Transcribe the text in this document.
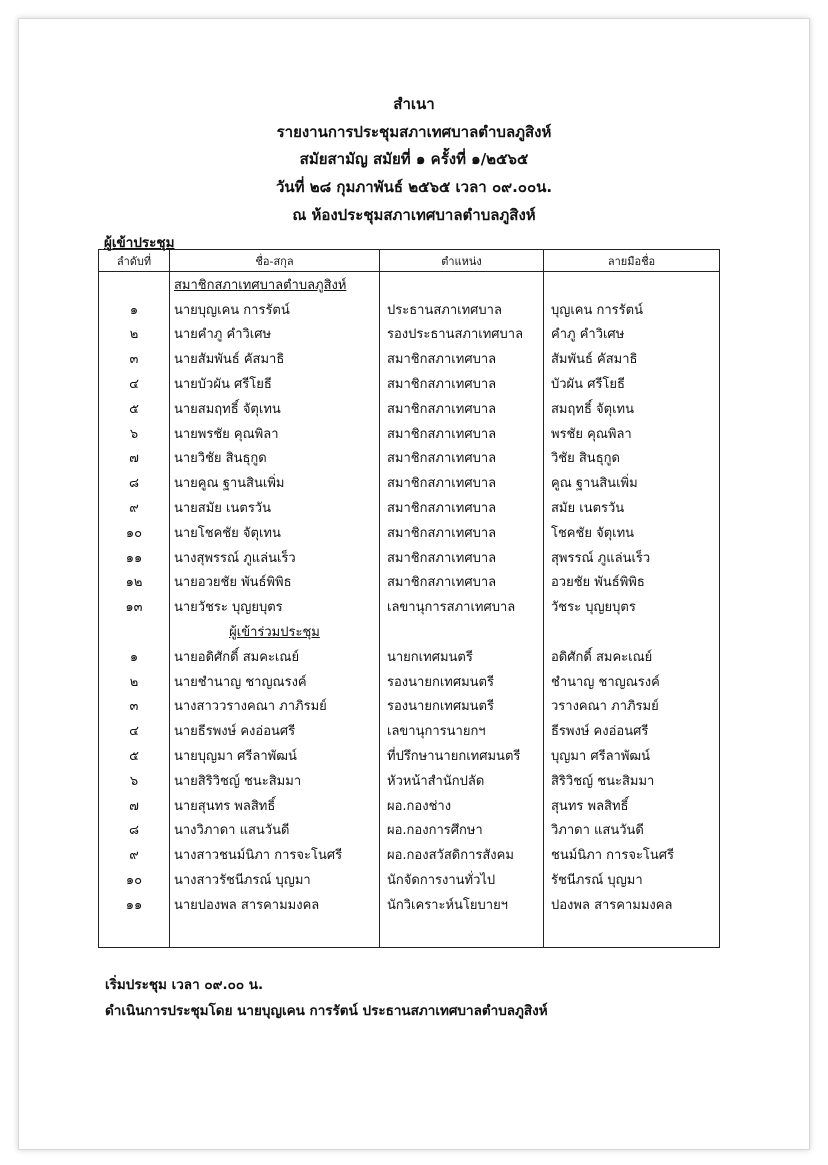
สำเนา
รายงานการประชุมสภาเทศบาลตำบลภูสิงห์
สมัยสามัญ สมัยที่ ๑ ครั้งที่ ๑/๒๕๖๕
วันที่ ๒๘ กุมภาพันธ์ ๒๕๖๕ เวลา ๐๙.๐๐น.
ณ ห้องประชุมสภาเทศบาลตำบลภูสิงห์
ผู้เข้าประชุม
ลำดับที่	ชื่อ-สกุล	ตำแหน่ง	ลายมือชื่อ
	สมาชิกสภาเทศบาลตำบลภูสิงห์		
๑	นายบุญเคน การรัตน์	ประธานสภาเทศบาล	บุญเคน การรัตน์
๒	นายคำภู คำวิเศษ	รองประธานสภาเทศบาล	คำภู คำวิเศษ
๓	นายสัมพันธ์ คัสมาธิ	สมาชิกสภาเทศบาล	สัมพันธ์ คัสมาธิ
๔	นายบัวผัน ศรีโยธี	สมาชิกสภาเทศบาล	บัวผัน ศรีโยธี
๕	นายสมฤทธิ์ จัตุเทน	สมาชิกสภาเทศบาล	สมฤทธิ์ จัตุเทน
๖	นายพรชัย คุณพิลา	สมาชิกสภาเทศบาล	พรชัย คุณพิลา
๗	นายวิชัย สินธุกูด	สมาชิกสภาเทศบาล	วิชัย สินธุกูด
๘	นายคูณ ฐานสินเพิ่ม	สมาชิกสภาเทศบาล	คูณ ฐานสินเพิ่ม
๙	นายสมัย เนตรวัน	สมาชิกสภาเทศบาล	สมัย เนตรวัน
๑๐	นายโชคชัย จัตุเทน	สมาชิกสภาเทศบาล	โชคชัย จัตุเทน
๑๑	นางสุพรรณ์ ภูแล่นเร็ว	สมาชิกสภาเทศบาล	สุพรรณ์ ภูแล่นเร็ว
๑๒	นายอวยชัย พันธ์พิพิธ	สมาชิกสภาเทศบาล	อวยชัย พันธ์พิพิธ
๑๓	นายวัชระ บุญยบุตร	เลขานุการสภาเทศบาล	วัชระ บุญยบุตร

	ผู้เข้าร่วมประชุม		

๑	นายอดิศักดิ์ สมคะเณย์	นายกเทศมนตรี	อดิศักดิ์ สมคะเณย์
๒	นายชำนาญ ชาญณรงค์	รองนายกเทศมนตรี	ชำนาญ ชาญณรงค์
๓	นางสาววรางคณา ภาภิรมย์	รองนายกเทศมนตรี	วรางคณา ภาภิรมย์
๔	นายธีรพงษ์ คงอ่อนศรี	เลขานุการนายกฯ	ธีรพงษ์ คงอ่อนศรี
๕	นายบุญมา ศรีลาพัฒน์	ที่ปรึกษานายกเทศมนตรี	บุญมา ศรีลาพัฒน์
๖	นายสิริวิชญ์ ชนะสิมมา	หัวหน้าสำนักปลัด	สิริวิชญ์ ชนะสิมมา
๗	นายสุนทร พลสิทธิ์	ผอ.กองช่าง	สุนทร พลสิทธิ์
๘	นางวิภาดา แสนวันดี	ผอ.กองการศึกษา	วิภาดา แสนวันดี
๙	นางสาวชนม์นิภา การจะโนศรี	ผอ.กองสวัสดิการสังคม	ชนม์นิภา การจะโนศรี
๑๐	นางสาวรัชนีภรณ์ บุญมา	นักจัดการงานทั่วไป	รัชนีภรณ์ บุญมา
๑๑	นายปองพล สารคามมงคล	นักวิเคราะห์นโยบายฯ	ปองพล สารคามมงคล

เริ่มประชุม เวลา ๐๙.๐๐ น.
ดำเนินการประชุมโดย นายบุญเคน การรัตน์ ประธานสภาเทศบาลตำบลภูสิงห์
